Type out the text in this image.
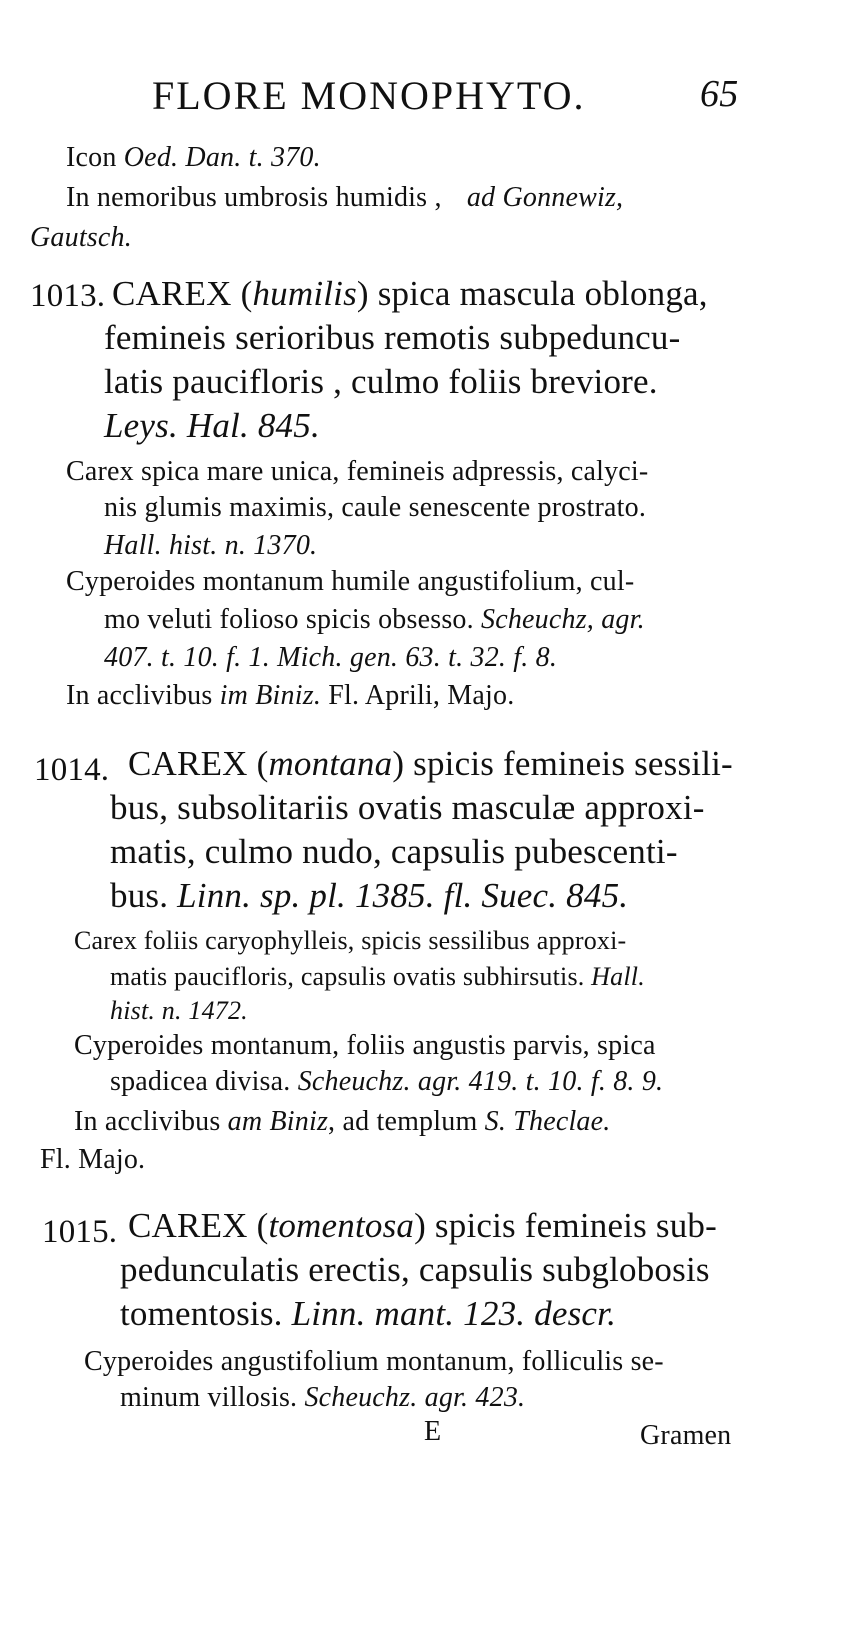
FLORE MONOPHYTO.	65
Icon Oed. Dan. t. 370.
In nemoribus umbrosis humidis , ad Gonnewiz,
Gautsch.
1013. CAREX (humilis) spica mascula oblonga,
femineis serioribus remotis subpeduncu-
latis paucifloris , culmo foliis breviore.
Leys. Hal. 845.
Carex spica mare unica, femineis adpressis, calyci-
nis glumis maximis, caule senescente prostrato.
Hall. hist. n. 1370.
Cyperoides montanum humile angustifolium, cul-
mo veluti folioso spicis obsesso. Scheuchz, agr.
407. t. 10. f. 1. Mich. gen. 63. t. 32. f. 8.
In acclivibus im Biniz. Fl. Aprili, Majo.
1014. CAREX (montana) spicis femineis sessili-
bus, subsolitariis ovatis masculæ approxi-
matis, culmo nudo, capsulis pubescenti-
bus. Linn. sp. pl. 1385. fl. Suec. 845.
Carex foliis caryophylleis, spicis sessilibus approxi-
matis paucifloris, capsulis ovatis subhirsutis. Hall.
hist. n. 1472.
Cyperoides montanum, foliis angustis parvis, spica
spadicea divisa. Scheuchz. agr. 419. t. 10. f. 8. 9.
In acclivibus am Biniz, ad templum S. Theclae.
Fl. Majo.
1015. CAREX (tomentosa) spicis femineis sub-
pedunculatis erectis, capsulis subglobosis
tomentosis. Linn. mant. 123. descr.
Cyperoides angustifolium montanum, folliculis se-
minum villosis. Scheuchz. agr. 423.
E	Gramen
